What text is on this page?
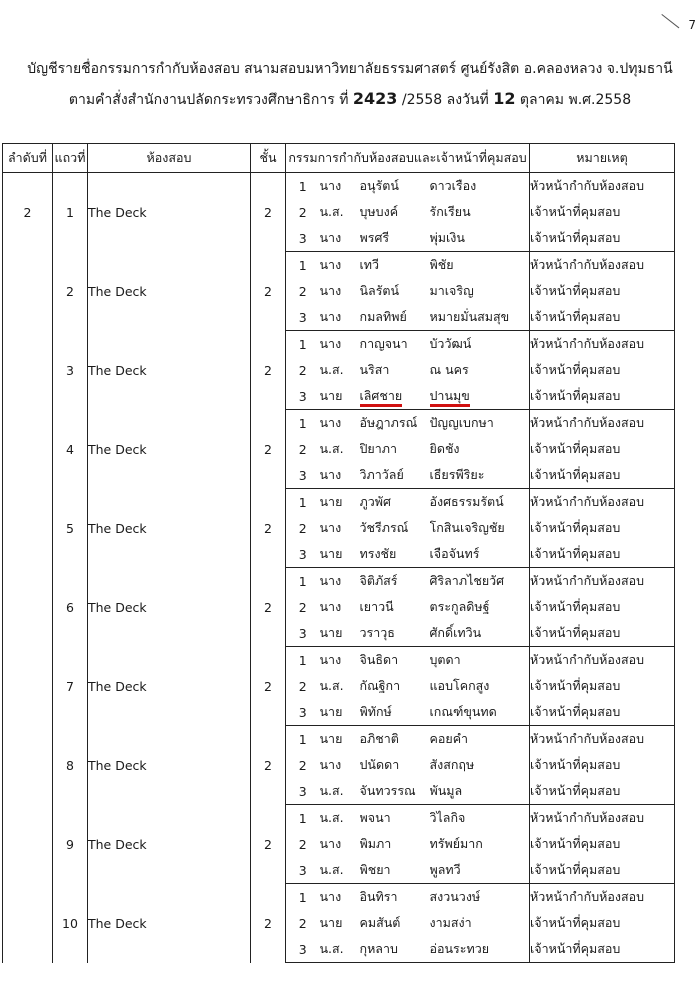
7
บัญชีรายชื่อกรรมการกำกับห้องสอบ สนามสอบมหาวิทยาลัยธรรมศาสตร์ ศูนย์รังสิต อ.คลองหลวง จ.ปทุมธานี
ตามคำสั่งสำนักงานปลัดกระทรวงศึกษาธิการ ที่ 2423 /2558 ลงวันที่ 12 ตุลาคม พ.ศ.2558
ลำดับที่	แถวที่	ห้องสอบ	ชั้น	กรรมการกำกับห้องสอบและเจ้าหน้าที่คุมสอบ				หมายเหตุ
2	1	The Deck	2	1	นาง	อนุรัตน์	ดาวเรือง	หัวหน้ากำกับห้องสอบ
				2	น.ส.	บุษบงค์	รักเรียน	เจ้าหน้าที่คุมสอบ
				3	นาง	พรศรี	พุ่มเงิน	เจ้าหน้าที่คุมสอบ
	2	The Deck	2	1	นาง	เทวี	พิชัย	หัวหน้ากำกับห้องสอบ
				2	นาง	นิลรัตน์	มาเจริญ	เจ้าหน้าที่คุมสอบ
				3	นาง	กมลทิพย์	หมายมั่นสมสุข	เจ้าหน้าที่คุมสอบ
	3	The Deck	2	1	นาง	กาญจนา	บัววัฒน์	หัวหน้ากำกับห้องสอบ
				2	น.ส.	นริสา	ณ นคร	เจ้าหน้าที่คุมสอบ
				3	นาย	เลิศชาย	ปานมุข	เจ้าหน้าที่คุมสอบ
	4	The Deck	2	1	นาง	อัษฎาภรณ์	ปัญญเบกษา	หัวหน้ากำกับห้องสอบ
				2	น.ส.	ปิยาภา	ยิดชัง	เจ้าหน้าที่คุมสอบ
				3	นาง	วิภาวัลย์	เธียรพีริยะ	เจ้าหน้าที่คุมสอบ
	5	The Deck	2	1	นาย	ภูวพัศ	อังศธรรมรัตน์	หัวหน้ากำกับห้องสอบ
				2	นาง	วัชรีภรณ์	โกสินเจริญชัย	เจ้าหน้าที่คุมสอบ
				3	นาย	ทรงชัย	เจือจันทร์	เจ้าหน้าที่คุมสอบ
	6	The Deck	2	1	นาง	จิติภัสร์	ศิริลาภไชยวัศ	หัวหน้ากำกับห้องสอบ
				2	นาง	เยาวนี	ตระกูลดิษฐ์	เจ้าหน้าที่คุมสอบ
				3	นาย	วราวุธ	ศักดิ์เทวิน	เจ้าหน้าที่คุมสอบ
	7	The Deck	2	1	นาง	จินธิดา	บุตดา	หัวหน้ากำกับห้องสอบ
				2	น.ส.	กัณฐิกา	แอบโคกสูง	เจ้าหน้าที่คุมสอบ
				3	นาย	พิทักษ์	เกณฑ์ขุนทด	เจ้าหน้าที่คุมสอบ
	8	The Deck	2	1	นาย	อภิชาติ	คอยคำ	หัวหน้ากำกับห้องสอบ
				2	นาง	ปนัดดา	สังสกฤษ	เจ้าหน้าที่คุมสอบ
				3	น.ส.	จันทวรรณ	พันมูล	เจ้าหน้าที่คุมสอบ
	9	The Deck	2	1	น.ส.	พจนา	วิไลกิจ	หัวหน้ากำกับห้องสอบ
				2	นาง	พิมภา	ทรัพย์มาก	เจ้าหน้าที่คุมสอบ
				3	น.ส.	พิชยา	พูลทวี	เจ้าหน้าที่คุมสอบ
	10	The Deck	2	1	นาง	อินทิรา	สงวนวงษ์	หัวหน้ากำกับห้องสอบ
				2	นาย	คมสันต์	งามสง่า	เจ้าหน้าที่คุมสอบ
				3	น.ส.	กุหลาบ	อ่อนระทวย	เจ้าหน้าที่คุมสอบ
